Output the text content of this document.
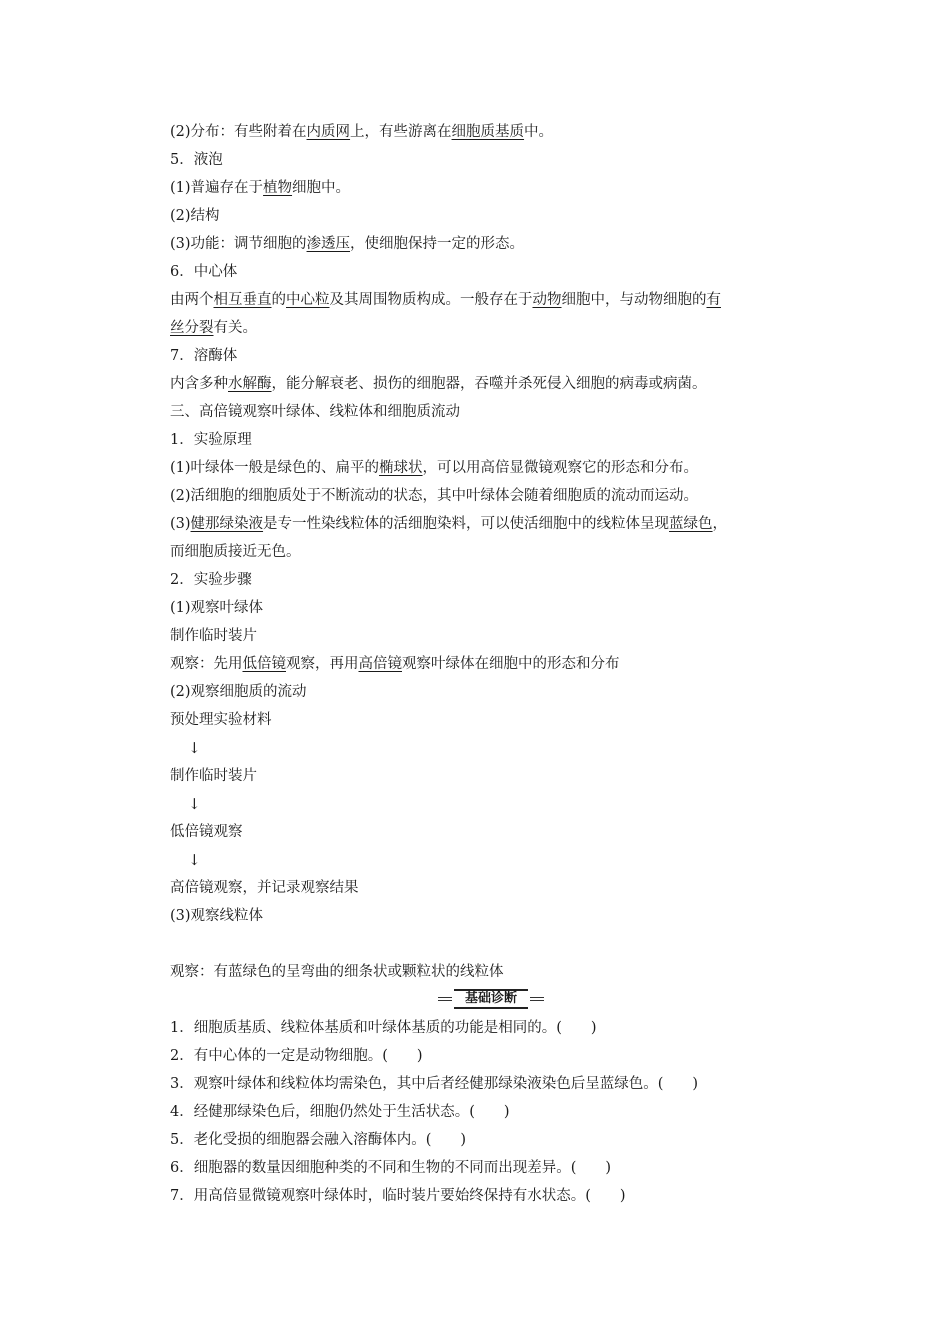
(2)分布：有些附着在内质网上，有些游离在细胞质基质中。
5．液泡
(1)普遍存在于植物细胞中。
(2)结构
(3)功能：调节细胞的渗透压，使细胞保持一定的形态。
6．中心体
由两个相互垂直的中心粒及其周围物质构成。一般存在于动物细胞中，与动物细胞的有
丝分裂有关。
7．溶酶体
内含多种水解酶，能分解衰老、损伤的细胞器，吞噬并杀死侵入细胞的病毒或病菌。
三、高倍镜观察叶绿体、线粒体和细胞质流动
1．实验原理
(1)叶绿体一般是绿色的、扁平的椭球状，可以用高倍显微镜观察它的形态和分布。
(2)活细胞的细胞质处于不断流动的状态，其中叶绿体会随着细胞质的流动而运动。
(3)健那绿染液是专一性染线粒体的活细胞染料，可以使活细胞中的线粒体呈现蓝绿色，
而细胞质接近无色。
2．实验步骤
(1)观察叶绿体
制作临时装片
观察：先用低倍镜观察，再用高倍镜观察叶绿体在细胞中的形态和分布
(2)观察细胞质的流动
预处理实验材料
↓
制作临时装片
↓
低倍镜观察
↓
高倍镜观察，并记录观察结果
(3)观察线粒体
观察：有蓝绿色的呈弯曲的细条状或颗粒状的线粒体
基础诊断
1．细胞质基质、线粒体基质和叶绿体基质的功能是相同的。(　　)
2．有中心体的一定是动物细胞。(　　)
3．观察叶绿体和线粒体均需染色，其中后者经健那绿染液染色后呈蓝绿色。(　　)
4．经健那绿染色后，细胞仍然处于生活状态。(　　)
5．老化受损的细胞器会融入溶酶体内。(　　)
6．细胞器的数量因细胞种类的不同和生物的不同而出现差异。(　　)
7．用高倍显微镜观察叶绿体时，临时装片要始终保持有水状态。(　　)
